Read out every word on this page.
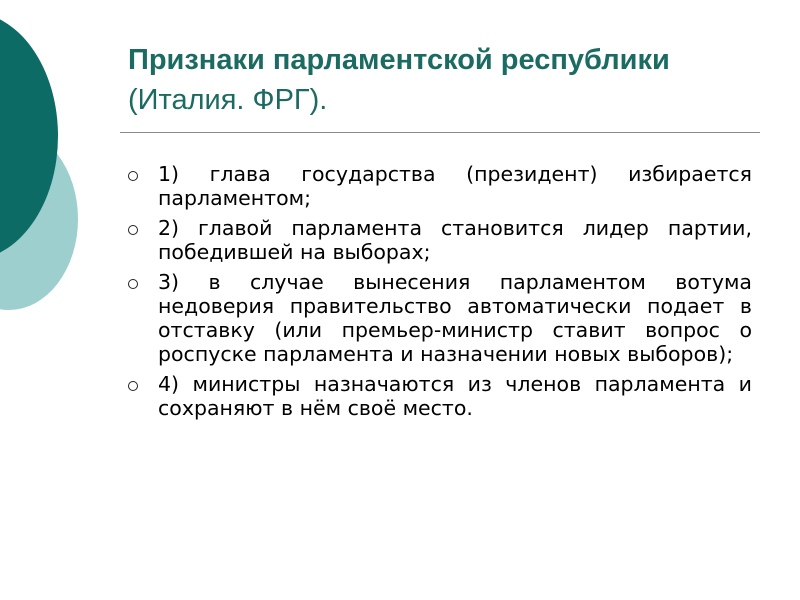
Признаки парламентской республики (Италия. ФРГ).
1) глава государства (президент) избирается парламентом;
2) главой парламента становится лидер партии, победившей на выборах;
3) в случае вынесения парламентом вотума недоверия правительство автоматически подает в отставку (или премьер-министр ставит вопрос о роспуске парламента и назначении новых выборов);
4) министры назначаются из членов парламента и сохраняют в нём своё место.
